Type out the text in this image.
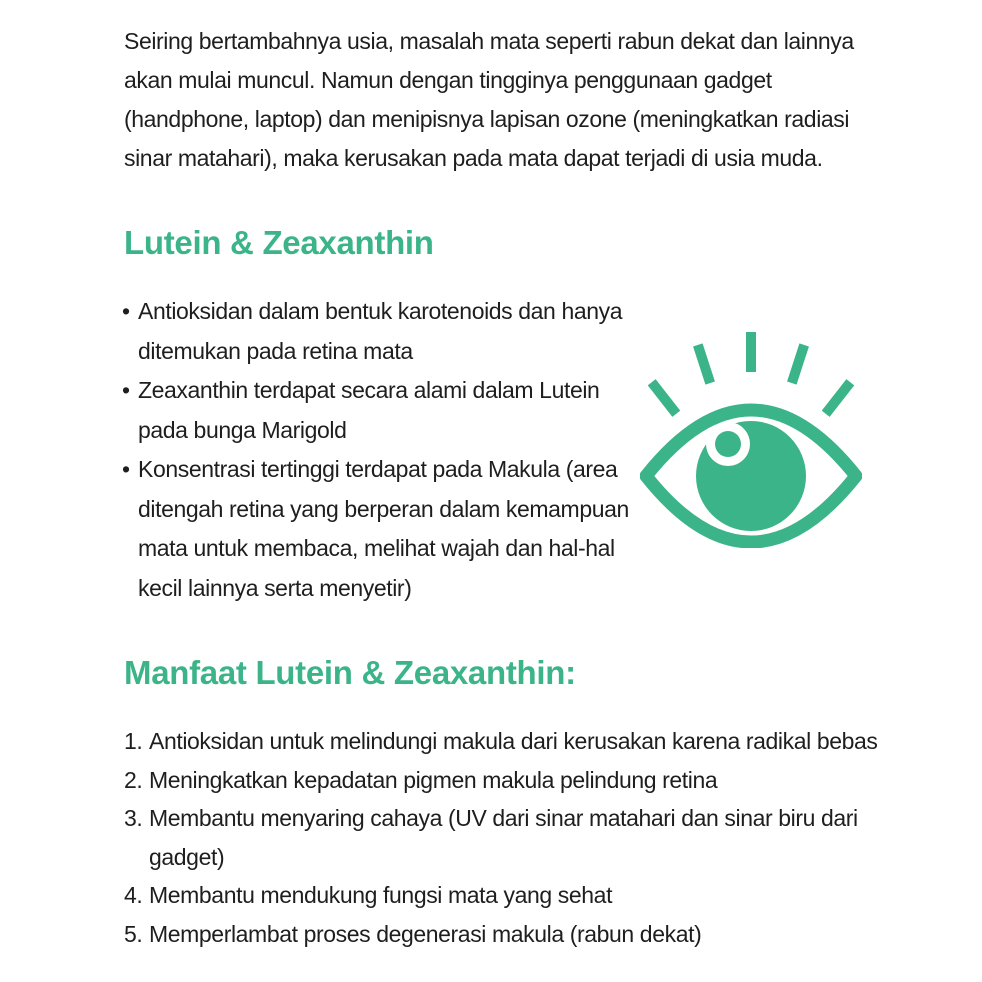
Seiring bertambahnya usia, masalah mata seperti rabun dekat dan lainnya
akan mulai muncul. Namun dengan tingginya penggunaan gadget
(handphone, laptop) dan menipisnya lapisan ozone (meningkatkan radiasi
sinar matahari), maka kerusakan pada mata dapat terjadi di usia muda.
Lutein & Zeaxanthin
• Antioksidan dalam bentuk karotenoids dan hanya
ditemukan pada retina mata
• Zeaxanthin terdapat secara alami dalam Lutein
pada bunga Marigold
• Konsentrasi tertinggi terdapat pada Makula (area
ditengah retina yang berperan dalam kemampuan
mata untuk membaca, melihat wajah dan hal-hal
kecil lainnya serta menyetir)
Manfaat Lutein & Zeaxanthin:
1. Antioksidan untuk melindungi makula dari kerusakan karena radikal bebas
2. Meningkatkan kepadatan pigmen makula pelindung retina
3. Membantu menyaring cahaya (UV dari sinar matahari dan sinar biru dari
gadget)
4. Membantu mendukung fungsi mata yang sehat
5. Memperlambat proses degenerasi makula (rabun dekat)
